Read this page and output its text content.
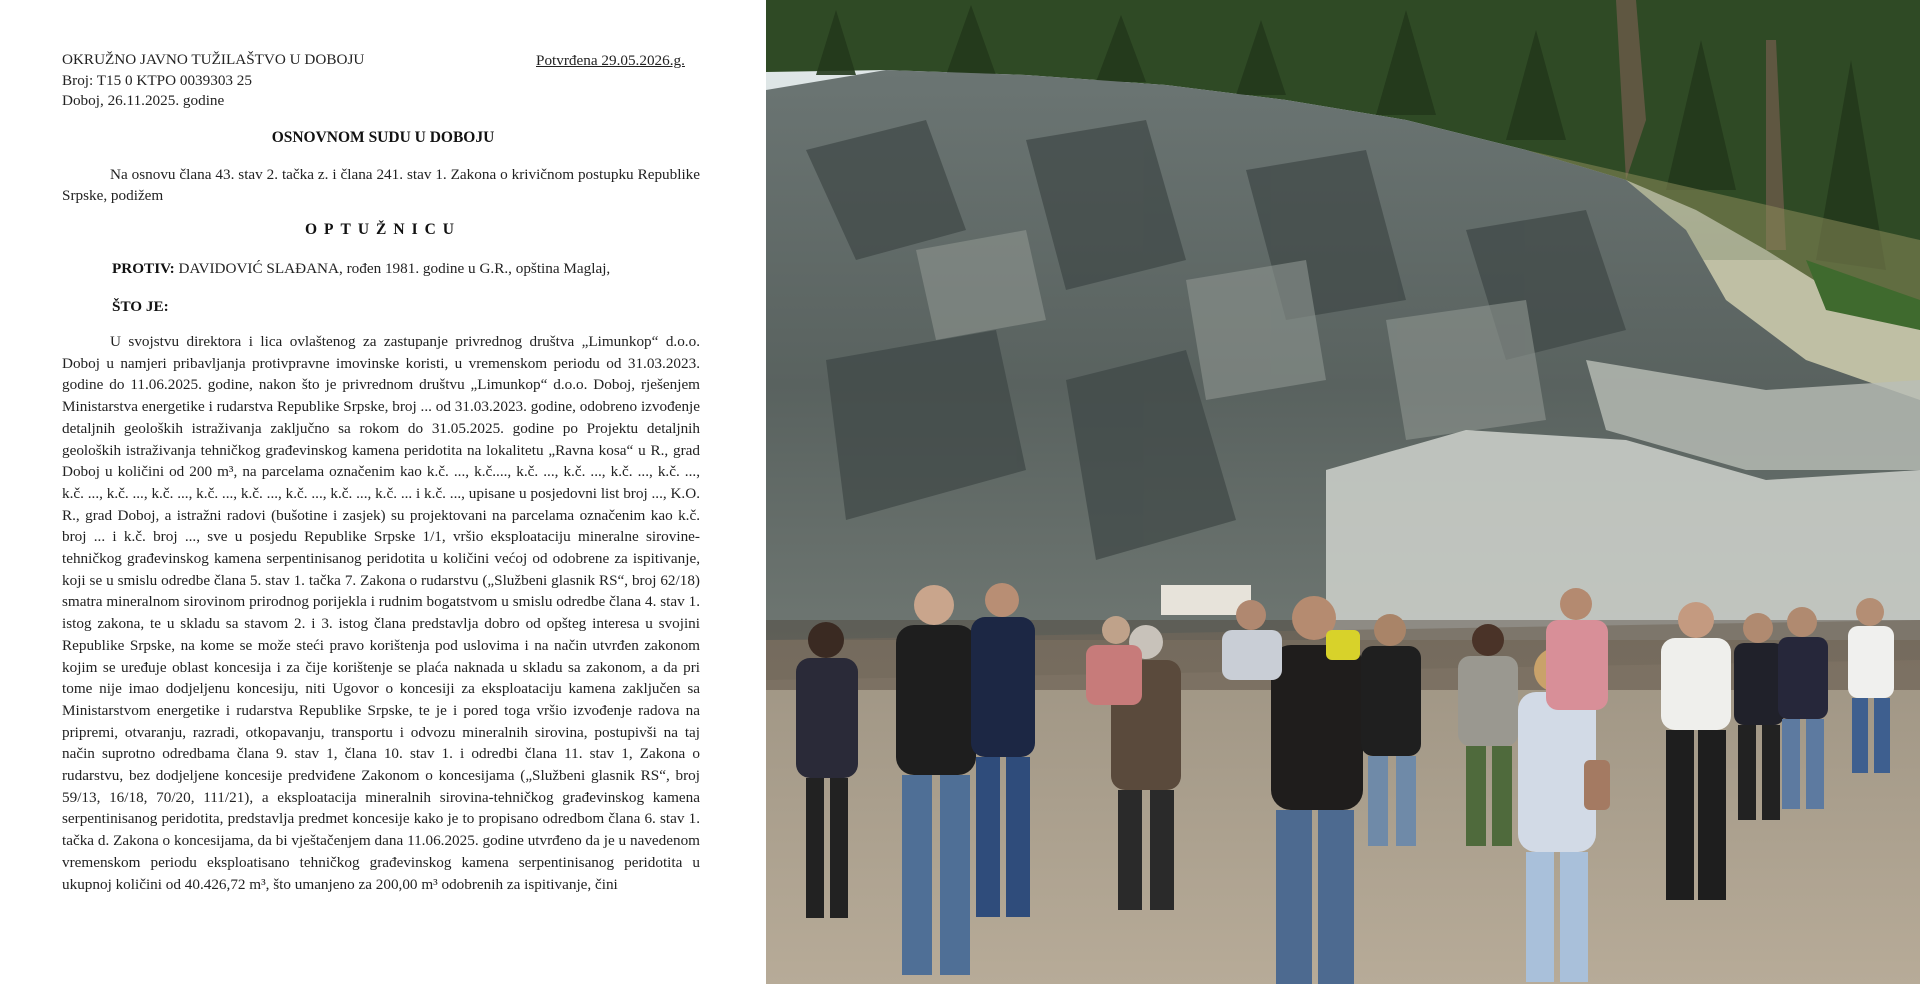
OKRUŽNO JAVNO TUŽILAŠTVO U DOBOJU
Broj: T15 0 KTPO 0039303 25
Doboj, 26.11.2025. godine
Potvrđena 29.05.2026.g.
OSNOVNOM SUDU U DOBOJU

Na osnovu člana 43. stav 2. tačka z. i člana 241. stav 1. Zakona o krivičnom postupku Republike Srpske, podižem

OPTUŽNICU
PROTIV: DAVIDOVIĆ SLAĐANA, rođen 1981. godine u G.R., opština Maglaj,
ŠTO JE:

U svojstvu direktora i lica ovlaštenog za zastupanje privrednog društva „Limunkop“ d.o.o. Doboj u namjeri pribavljanja protivpravne imovinske koristi, u vremenskom periodu od 31.03.2023. godine do 11.06.2025. godine, nakon što je privrednom društvu „Limunkop“ d.o.o. Doboj, rješenjem Ministarstva energetike i rudarstva Republike Srpske, broj ... od 31.03.2023. godine, odobreno izvođenje detaljnih geoloških istraživanja zaključno sa rokom do 31.05.2025. godine po Projektu detaljnih geoloških istraživanja tehničkog građevinskog kamena peridotita na lokalitetu „Ravna kosa“ u R., grad Doboj u količini od 200 m³, na parcelama označenim kao k.č. ..., k.č...., k.č. ..., k.č. ..., k.č. ..., k.č. ..., k.č. ..., k.č. ..., k.č. ..., k.č. ..., k.č. ..., k.č. ..., k.č. ..., k.č. ... i k.č. ..., upisane u posjedovni list broj ..., K.O. R., grad Doboj, a istražni radovi (bušotine i zasjek) su projektovani na parcelama označenim kao k.č. broj ... i k.č. broj ..., sve u posjedu Republike Srpske 1/1, vršio eksploataciju mineralne sirovine-tehničkog građevinskog kamena serpentinisanog peridotita u količini većoj od odobrene za ispitivanje, koji se u smislu odredbe člana 5. stav 1. tačka 7. Zakona o rudarstvu („Službeni glasnik RS“, broj 62/18) smatra mineralnom sirovinom prirodnog porijekla i rudnim bogatstvom u smislu odredbe člana 4. stav 1. istog zakona, te u skladu sa stavom 2. i 3. istog člana predstavlja dobro od opšteg interesa u svojini Republike Srpske, na kome se može steći pravo korištenja pod uslovima i na način utvrđen zakonom kojim se uređuje oblast koncesija i za čije korištenje se plaća naknada u skladu sa zakonom, a da pri tome nije imao dodjeljenu koncesiju, niti Ugovor o koncesiji za eksploataciju kamena zaključen sa Ministarstvom energetike i rudarstva Republike Srpske, te je i pored toga vršio izvođenje radova na pripremi, otvaranju, razradi, otkopavanju, transportu i odvozu mineralnih sirovina, postupivši na taj način suprotno odredbama člana 9. stav 1, člana 10. stav 1. i odredbi člana 11. stav 1, Zakona o rudarstvu, bez dodjeljene koncesije predviđene Zakonom o koncesijama („Službeni glasnik RS“, broj 59/13, 16/18, 70/20, 111/21), a eksploatacija mineralnih sirovina-tehničkog građevinskog kamena serpentinisanog peridotita, predstavlja predmet koncesije kako je to propisano odredbom člana 6. stav 1. tačka d. Zakona o koncesijama, da bi vještačenjem dana 11.06.2025. godine utvrđeno da je u navedenom vremenskom periodu eksploatisano tehničkog građevinskog kamena serpentinisanog peridotita u ukupnoj količini od 40.426,72 m³, što umanjeno za 200,00 m³ odobrenih za ispitivanje, čini
